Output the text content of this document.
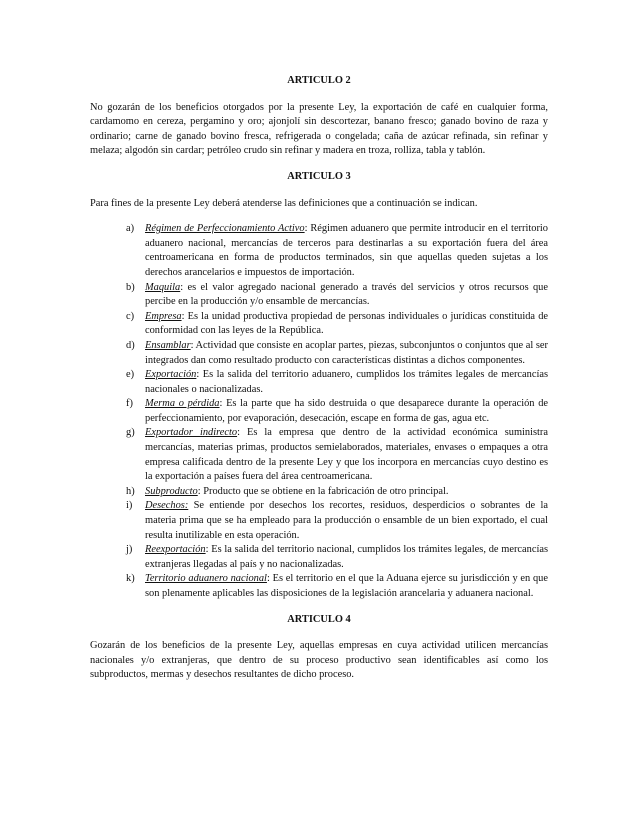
ARTICULO 2

No gozarán de los beneficios otorgados por la presente Ley, la exportación de café en cualquier forma, cardamomo en cereza, pergamino y oro; ajonjolí sin descortezar, banano fresco; ganado bovino de raza y ordinario; carne de ganado bovino fresca, refrigerada o congelada; caña de azúcar refinada, sin refinar y melaza; algodón sin cardar; petróleo crudo sin refinar y madera en troza, rolliza, tabla y tablón.

ARTICULO 3

Para fines de la presente Ley deberá atenderse las definiciones que a continuación se indican.

a) Régimen de Perfeccionamiento Activo: Régimen aduanero que permite introducir en el territorio aduanero nacional, mercancías de terceros para destinarlas a su exportación fuera del área centroamericana en forma de productos terminados, sin que aquellas queden sujetas a los derechos arancelarios e impuestos de importación.
b) Maquila: es el valor agregado nacional generado a través del servicios y otros recursos que percibe en la producción y/o ensamble de mercancías.
c) Empresa: Es la unidad productiva propiedad de personas individuales o jurídicas constituida de conformidad con las leyes de la República.
d) Ensamblar: Actividad que consiste en acoplar partes, piezas, subconjuntos o conjuntos que al ser integrados dan como resultado producto con características distintas a dichos componentes.
e) Exportación: Es la salida del territorio aduanero, cumplidos los trámites legales de mercancías nacionales o nacionalizadas.
f) Merma o pérdida: Es la parte que ha sido destruida o que desaparece durante la operación de perfeccionamiento, por evaporación, desecación, escape en forma de gas, agua etc.
g) Exportador indirecto: Es la empresa que dentro de la actividad económica suministra mercancías, materias primas, productos semielaborados, materiales, envases o empaques a otra empresa calificada dentro de la presente Ley y que los incorpora en mercancías cuyo destino es la exportación a países fuera del área centroamericana.
h) Subproducto: Producto que se obtiene en la fabricación de otro principal.
i) Desechos: Se entiende por desechos los recortes, residuos, desperdicios o sobrantes de la materia prima que se ha empleado para la producción o ensamble de un bien exportado, el cual resulta inutilizable en esta operación.
j) Reexportación: Es la salida del territorio nacional, cumplidos los trámites legales, de mercancías extranjeras llegadas al país y no nacionalizadas.
k) Territorio aduanero nacional: Es el territorio en el que la Aduana ejerce su jurisdicción y en que son plenamente aplicables las disposiciones de la legislación arancelaria y aduanera nacional.

ARTICULO 4

Gozarán de los beneficios de la presente Ley, aquellas empresas en cuya actividad utilicen mercancías nacionales y/o extranjeras, que dentro de su proceso productivo sean identificables así como los subproductos, mermas y desechos resultantes de dicho proceso.
